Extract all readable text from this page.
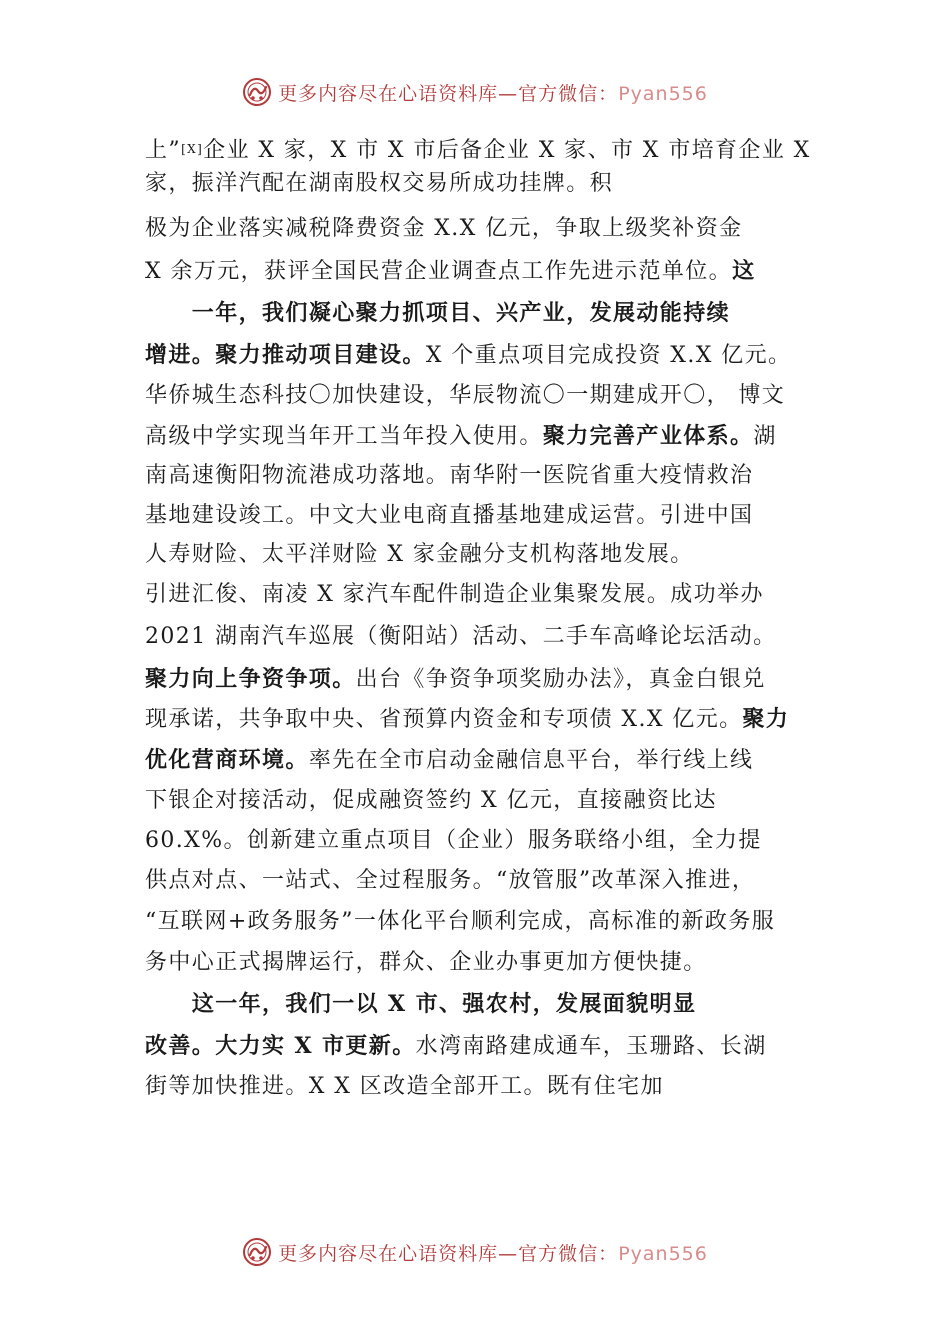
更多内容尽在心语资料库—官方微信：Pyan556
上”[X]企业 X 家，X 市 X 市后备企业 X 家、市 X 市培育企业 X
家，振洋汽配在湖南股权交易所成功挂牌。积
极为企业落实减税降费资金 X.X 亿元，争取上级奖补资金
X 余万元，获评全国民营企业调查点工作先进示范单位。这
　　一年，我们凝心聚力抓项目、兴产业，发展动能持续
增进。聚力推动项目建设。X 个重点项目完成投资 X.X 亿元。
华侨城生态科技〇加快建设，华辰物流〇一期建成开〇， 博文
高级中学实现当年开工当年投入使用。聚力完善产业体系。湖
南高速衡阳物流港成功落地。南华附一医院省重大疫情救治
基地建设竣工。中文大业电商直播基地建成运营。引进中国
人寿财险、太平洋财险 X 家金融分支机构落地发展。
引进汇俊、南凌 X 家汽车配件制造企业集聚发展。成功举办
2021 湖南汽车巡展（衡阳站）活动、二手车高峰论坛活动。
聚力向上争资争项。出台《争资争项奖励办法》，真金白银兑
现承诺，共争取中央、省预算内资金和专项债 X.X 亿元。聚力
优化营商环境。率先在全市启动金融信息平台，举行线上线
下银企对接活动，促成融资签约 X 亿元，直接融资比达
60.X%。创新建立重点项目（企业）服务联络小组，全力提
供点对点、一站式、全过程服务。“放管服”改革深入推进，
“互联网+政务服务”一体化平台顺利完成，高标准的新政务服
务中心正式揭牌运行，群众、企业办事更加方便快捷。
　　这一年，我们一以 X 市、强农村，发展面貌明显
改善。大力实 X 市更新。水湾南路建成通车，玉珊路、长湖
街等加快推进。X X 区改造全部开工。既有住宅加
更多内容尽在心语资料库—官方微信：Pyan556
